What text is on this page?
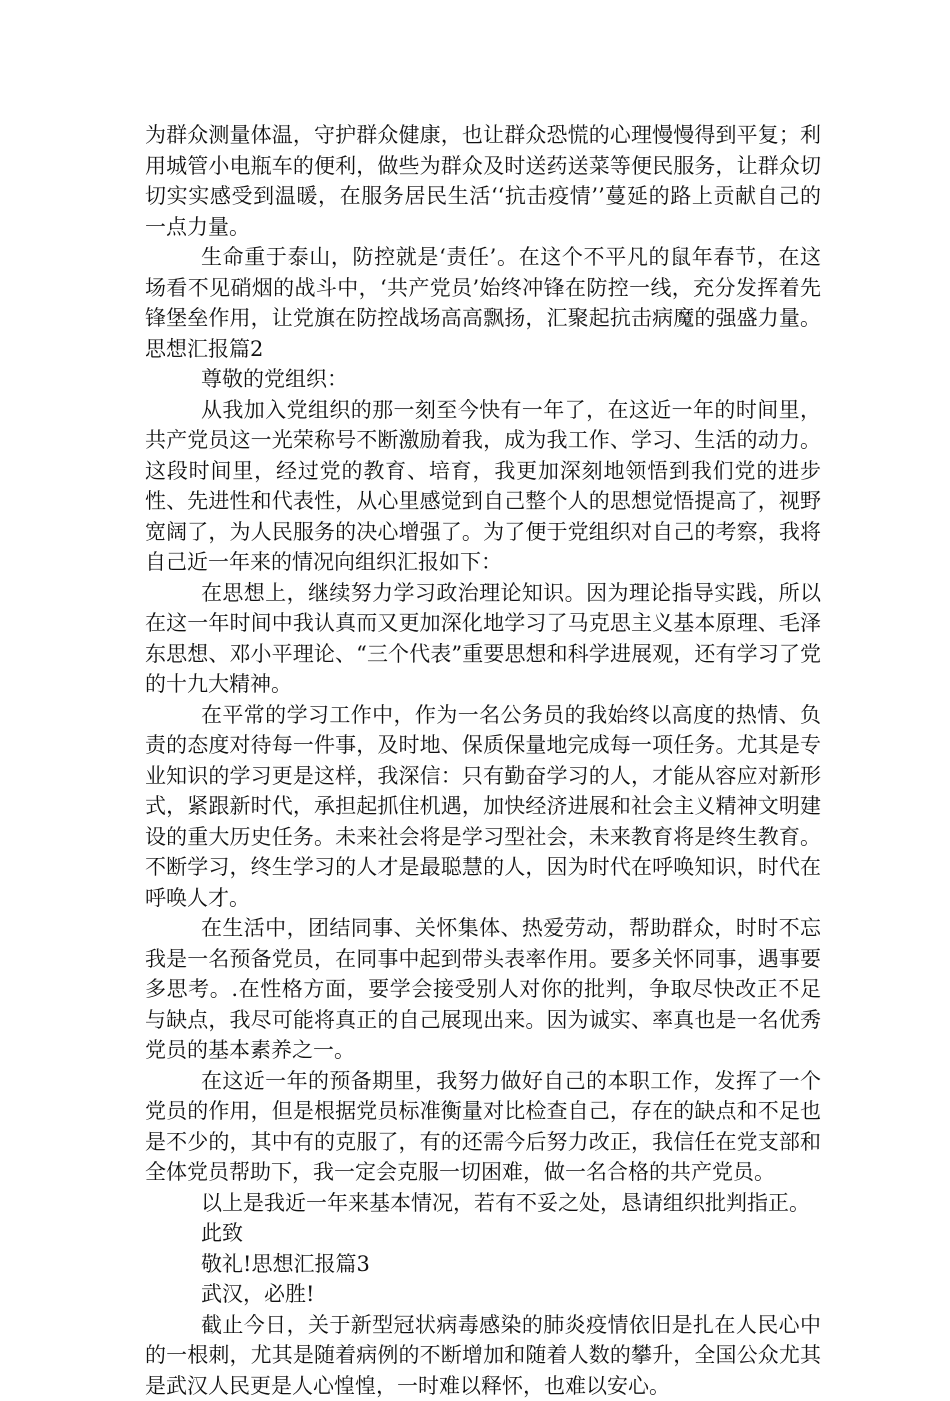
为群众测量体温，守护群众健康，也让群众恐慌的心理慢慢得到平复；利用城管小电瓶车的便利，做些为群众及时送药送菜等便民服务，让群众切切实实感受到温暖，在服务居民生活‘‘抗击疫情’’蔓延的路上贡献自己的一点力量。

生命重于泰山，防控就是‘责任’。在这个不平凡的鼠年春节，在这场看不见硝烟的战斗中，‘共产党员’始终冲锋在防控一线，充分发挥着先锋堡垒作用，让党旗在防控战场高高飘扬，汇聚起抗击病魔的强盛力量。思想汇报篇2

尊敬的党组织：

从我加入党组织的那一刻至今快有一年了，在这近一年的时间里，共产党员这一光荣称号不断激励着我，成为我工作、学习、生活的动力。这段时间里，经过党的教育、培育，我更加深刻地领悟到我们党的进步性、先进性和代表性，从心里感觉到自己整个人的思想觉悟提高了，视野宽阔了，为人民服务的决心增强了。为了便于党组织对自己的考察，我将自己近一年来的情况向组织汇报如下：

在思想上，继续努力学习政治理论知识。因为理论指导实践，所以在这一年时间中我认真而又更加深化地学习了马克思主义基本原理、毛泽东思想、邓小平理论、“三个代表”重要思想和科学进展观，还有学习了党的十九大精神。

在平常的学习工作中，作为一名公务员的我始终以高度的热情、负责的态度对待每一件事，及时地、保质保量地完成每一项任务。尤其是专业知识的学习更是这样，我深信：只有勤奋学习的人，才能从容应对新形式，紧跟新时代，承担起抓住机遇，加快经济进展和社会主义精神文明建设的重大历史任务。未来社会将是学习型社会，未来教育将是终生教育。不断学习，终生学习的人才是最聪慧的人，因为时代在呼唤知识，时代在呼唤人才。

在生活中，团结同事、关怀集体、热爱劳动，帮助群众，时时不忘我是一名预备党员，在同事中起到带头表率作用。要多关怀同事，遇事要多思考。.在性格方面，要学会接受别人对你的批判，争取尽快改正不足与缺点，我尽可能将真正的自己展现出来。因为诚实、率真也是一名优秀党员的基本素养之一。

在这近一年的预备期里，我努力做好自己的本职工作，发挥了一个党员的作用，但是根据党员标准衡量对比检查自己，存在的缺点和不足也是不少的，其中有的克服了，有的还需今后努力改正，我信任在党支部和全体党员帮助下，我一定会克服一切困难，做一名合格的共产党员。

以上是我近一年来基本情况，若有不妥之处，恳请组织批判指正。

此致

敬礼!思想汇报篇3

武汉，必胜!

截止今日，关于新型冠状病毒感染的肺炎疫情依旧是扎在人民心中的一根刺，尤其是随着病例的不断增加和随着人数的攀升，全国公众尤其是武汉人民更是人心惶惶，一时难以释怀，也难以安心。
